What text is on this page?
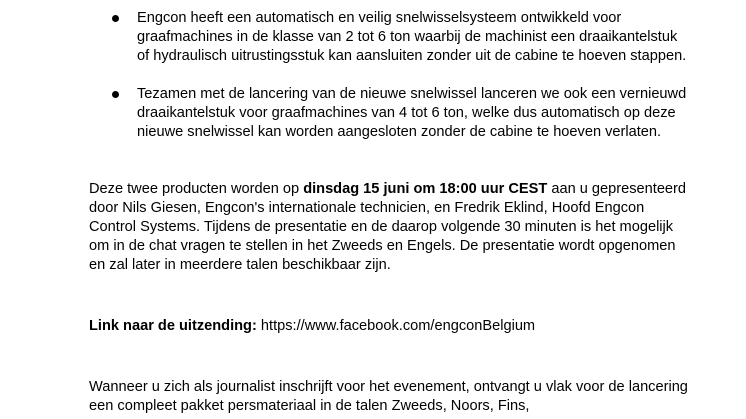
Engcon heeft een automatisch en veilig snelwisselsysteem ontwikkeld voor graafmachines in de klasse van 2 tot 6 ton waarbij de machinist een draaikantelstuk of hydraulisch uitrustingsstuk kan aansluiten zonder uit de cabine te hoeven stappen.
Tezamen met de lancering van de nieuwe snelwissel lanceren we ook een vernieuwd draaikantelstuk voor graafmachines van 4 tot 6 ton, welke dus automatisch op deze nieuwe snelwissel kan worden aangesloten zonder de cabine te hoeven verlaten.

Deze twee producten worden op dinsdag 15 juni om 18:00 uur CEST aan u gepresenteerd door Nils Giesen, Engcon's internationale technicien, en Fredrik Eklind, Hoofd Engcon Control Systems. Tijdens de presentatie en de daarop volgende 30 minuten is het mogelijk om in de chat vragen te stellen in het Zweeds en Engels. De presentatie wordt opgenomen en zal later in meerdere talen beschikbaar zijn.

Link naar de uitzending: https://www.facebook.com/engconBelgium

Wanneer u zich als journalist inschrijft voor het evenement, ontvangt u vlak voor de lancering een compleet pakket persmateriaal in de talen Zweeds, Noors, Fins,
